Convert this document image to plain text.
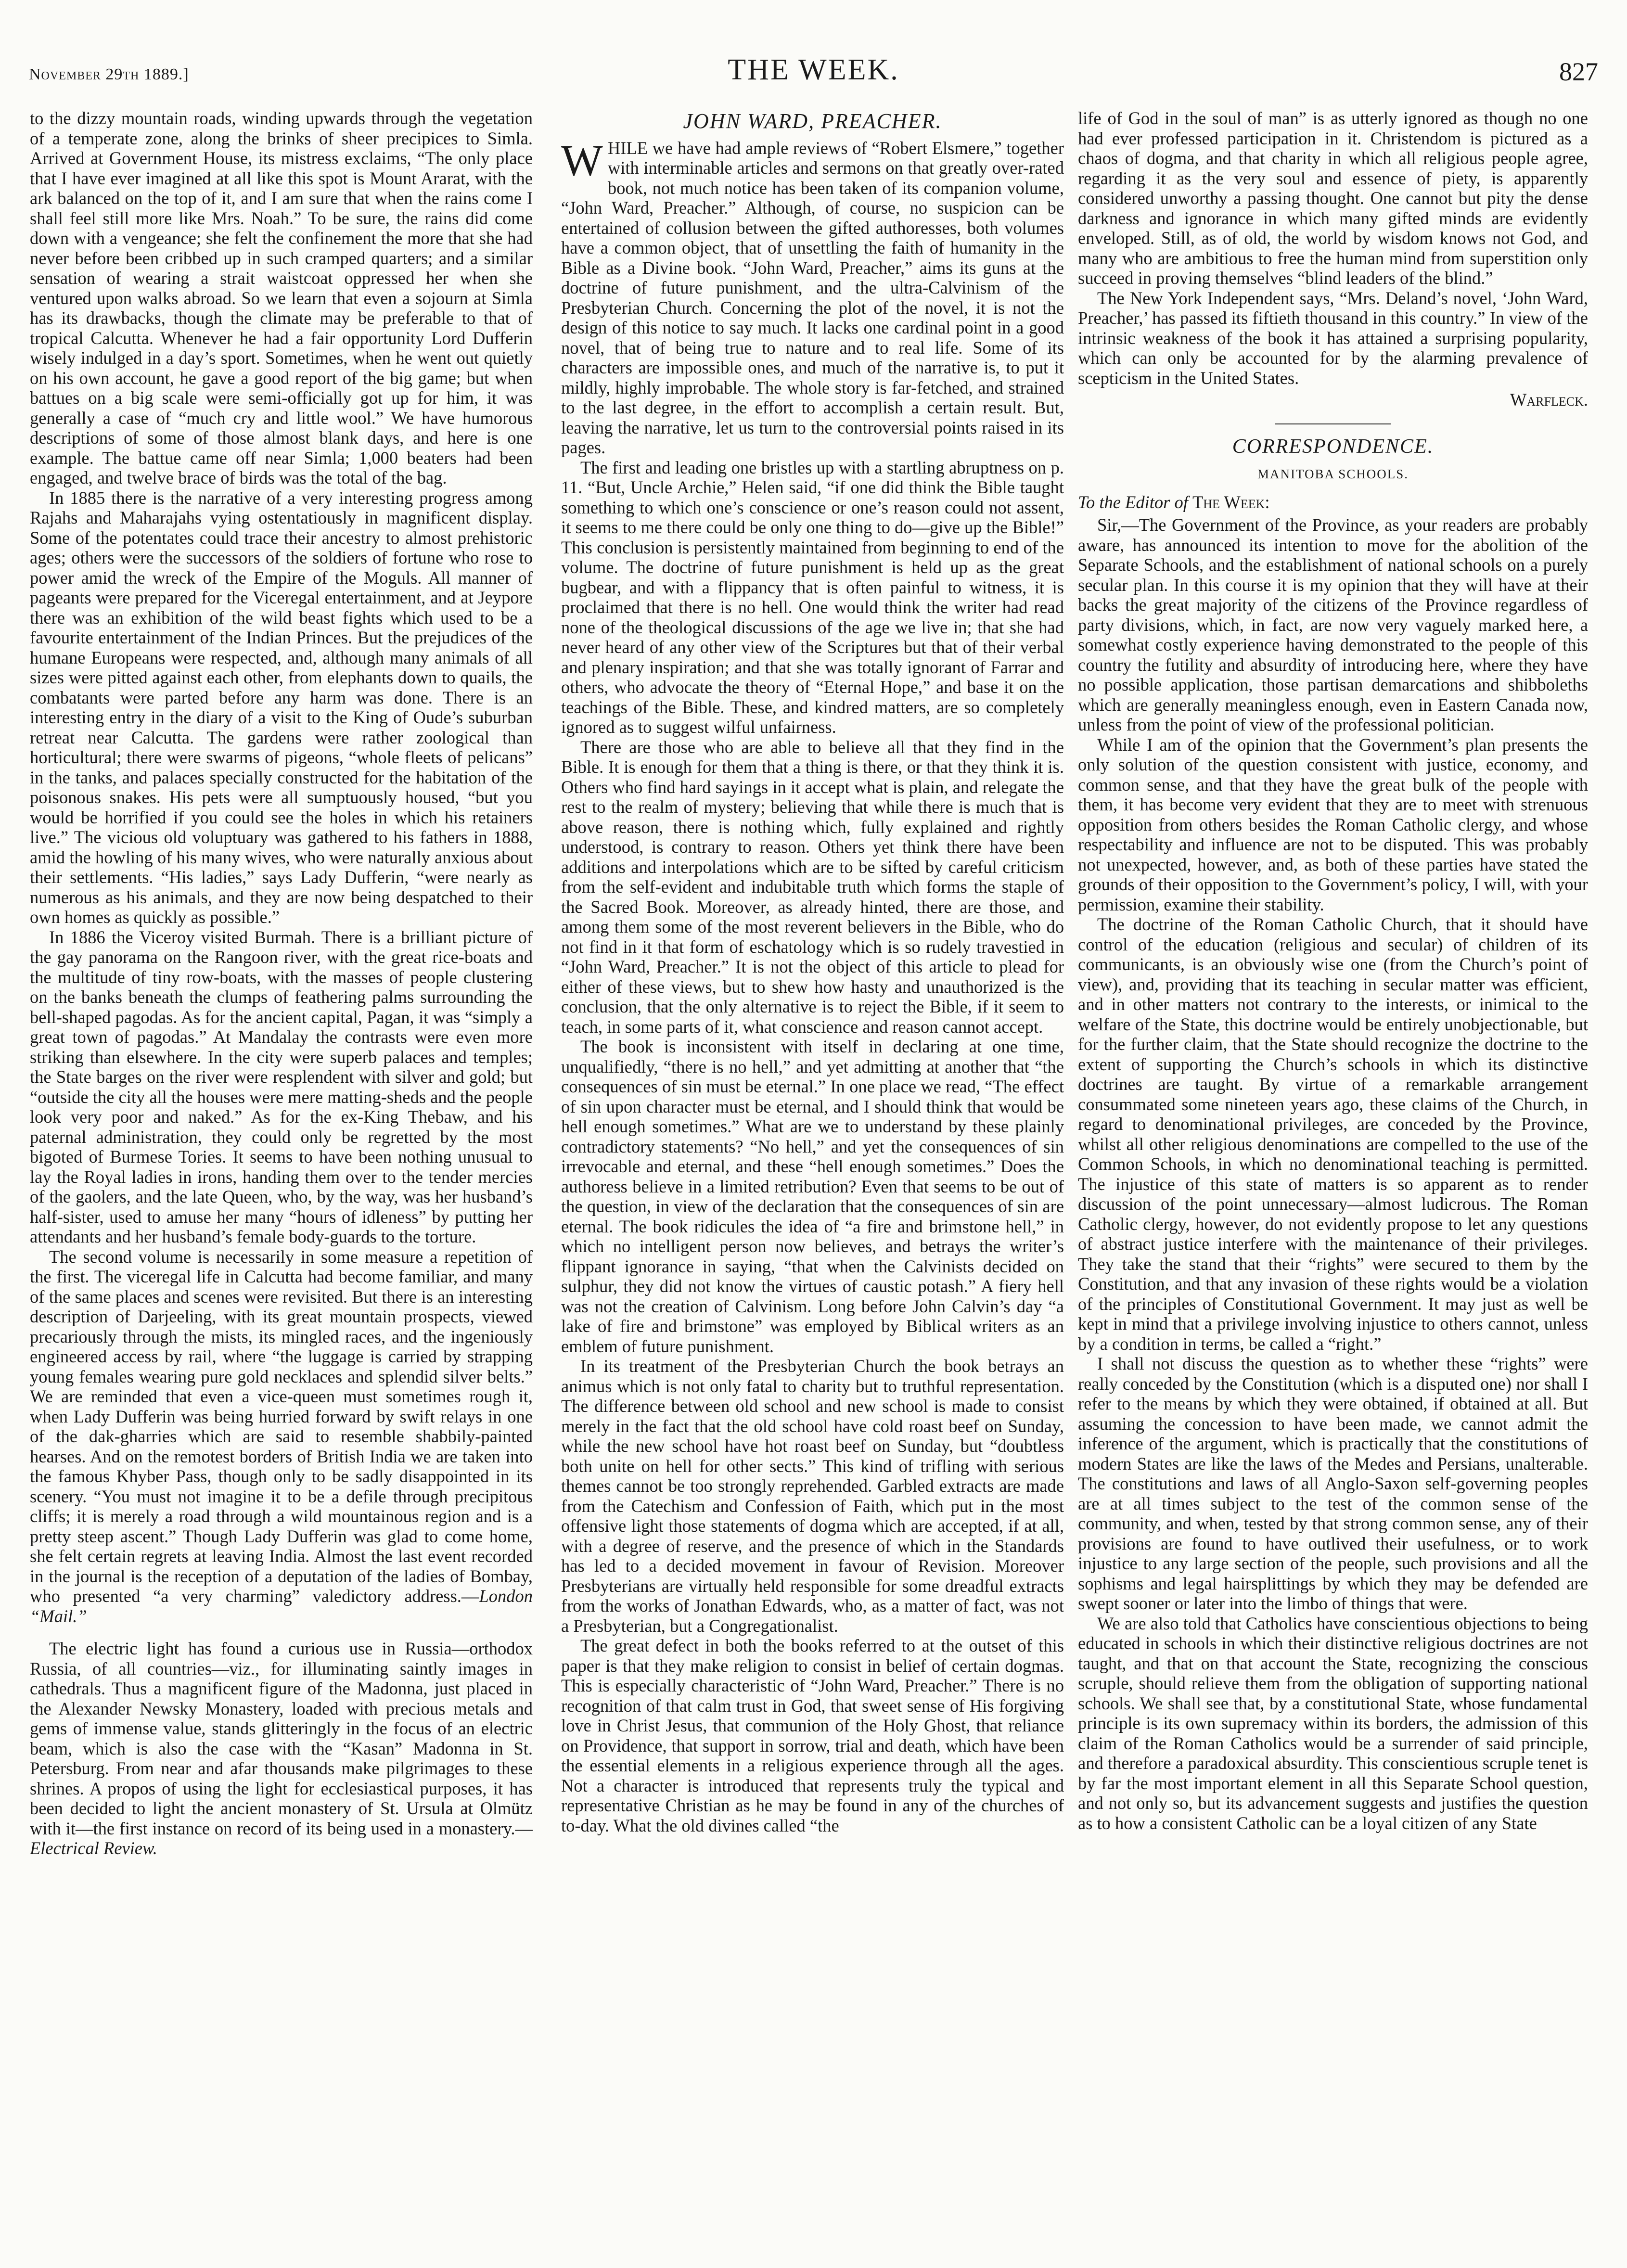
November 29th 1889.]	THE WEEK.	827

to the dizzy mountain roads, winding upwards through the vegetation of a temperate zone, along the brinks of sheer precipices to Simla. Arrived at Government House, its mistress exclaims, “The only place that I have ever imagined at all like this spot is Mount Ararat, with the ark balanced on the top of it, and I am sure that when the rains come I shall feel still more like Mrs. Noah.” To be sure, the rains did come down with a vengeance; she felt the confinement the more that she had never before been cribbed up in such cramped quarters; and a similar sensation of wearing a strait waistcoat oppressed her when she ventured upon walks abroad. So we learn that even a sojourn at Simla has its drawbacks, though the climate may be preferable to that of tropical Calcutta. Whenever he had a fair opportunity Lord Dufferin wisely indulged in a day’s sport. Sometimes, when he went out quietly on his own account, he gave a good report of the big game; but when battues on a big scale were semi-officially got up for him, it was generally a case of “much cry and little wool.” We have humorous descriptions of some of those almost blank days, and here is one example. The battue came off near Simla; 1,000 beaters had been engaged, and twelve brace of birds was the total of the bag.

In 1885 there is the narrative of a very interesting progress among Rajahs and Maharajahs vying ostentatiously in magnificent display. Some of the potentates could trace their ancestry to almost prehistoric ages; others were the successors of the soldiers of fortune who rose to power amid the wreck of the Empire of the Moguls. All manner of pageants were prepared for the Viceregal entertainment, and at Jeypore there was an exhibition of the wild beast fights which used to be a favourite entertainment of the Indian Princes. But the prejudices of the humane Europeans were respected, and, although many animals of all sizes were pitted against each other, from elephants down to quails, the combatants were parted before any harm was done. There is an interesting entry in the diary of a visit to the King of Oude’s suburban retreat near Calcutta. The gardens were rather zoological than horticultural; there were swarms of pigeons, “whole fleets of pelicans” in the tanks, and palaces specially constructed for the habitation of the poisonous snakes. His pets were all sumptuously housed, “but you would be horrified if you could see the holes in which his retainers live.” The vicious old voluptuary was gathered to his fathers in 1888, amid the howling of his many wives, who were naturally anxious about their settlements. “His ladies,” says Lady Dufferin, “were nearly as numerous as his animals, and they are now being despatched to their own homes as quickly as possible.”

In 1886 the Viceroy visited Burmah. There is a brilliant picture of the gay panorama on the Rangoon river, with the great rice-boats and the multitude of tiny row-boats, with the masses of people clustering on the banks beneath the clumps of feathering palms surrounding the bell-shaped pagodas. As for the ancient capital, Pagan, it was “simply a great town of pagodas.” At Mandalay the contrasts were even more striking than elsewhere. In the city were superb palaces and temples; the State barges on the river were resplendent with silver and gold; but “outside the city all the houses were mere matting-sheds and the people look very poor and naked.” As for the ex-King Thebaw, and his paternal administration, they could only be regretted by the most bigoted of Burmese Tories. It seems to have been nothing unusual to lay the Royal ladies in irons, handing them over to the tender mercies of the gaolers, and the late Queen, who, by the way, was her husband’s half-sister, used to amuse her many “hours of idleness” by putting her attendants and her husband’s female body-guards to the torture.

The second volume is necessarily in some measure a repetition of the first. The viceregal life in Calcutta had become familiar, and many of the same places and scenes were revisited. But there is an interesting description of Darjeeling, with its great mountain prospects, viewed precariously through the mists, its mingled races, and the ingeniously engineered access by rail, where “the luggage is carried by strapping young females wearing pure gold necklaces and splendid silver belts.” We are reminded that even a vice-queen must sometimes rough it, when Lady Dufferin was being hurried forward by swift relays in one of the dak-gharries which are said to resemble shabbily-painted hearses. And on the remotest borders of British India we are taken into the famous Khyber Pass, though only to be sadly disappointed in its scenery. “You must not imagine it to be a defile through precipitous cliffs; it is merely a road through a wild mountainous region and is a pretty steep ascent.” Though Lady Dufferin was glad to come home, she felt certain regrets at leaving India. Almost the last event recorded in the journal is the reception of a deputation of the ladies of Bombay, who presented “a very charming” valedictory address.—London “Mail.”

The electric light has found a curious use in Russia—orthodox Russia, of all countries—viz., for illuminating saintly images in cathedrals. Thus a magnificent figure of the Madonna, just placed in the Alexander Newsky Monastery, loaded with precious metals and gems of immense value, stands glitteringly in the focus of an electric beam, which is also the case with the “Kasan” Madonna in St. Petersburg. From near and afar thousands make pilgrimages to these shrines. A propos of using the light for ecclesiastical purposes, it has been decided to light the ancient monastery of St. Ursula at Olmütz with it—the first instance on record of its being used in a monastery.—Electrical Review.

JOHN WARD, PREACHER.

WHILE we have had ample reviews of “Robert Elsmere,” together with interminable articles and sermons on that greatly over-rated book, not much notice has been taken of its companion volume, “John Ward, Preacher.” Although, of course, no suspicion can be entertained of collusion between the gifted authoresses, both volumes have a common object, that of unsettling the faith of humanity in the Bible as a Divine book. “John Ward, Preacher,” aims its guns at the doctrine of future punishment, and the ultra-Calvinism of the Presbyterian Church. Concerning the plot of the novel, it is not the design of this notice to say much. It lacks one cardinal point in a good novel, that of being true to nature and to real life. Some of its characters are impossible ones, and much of the narrative is, to put it mildly, highly improbable. The whole story is far-fetched, and strained to the last degree, in the effort to accomplish a certain result. But, leaving the narrative, let us turn to the controversial points raised in its pages.

The first and leading one bristles up with a startling abruptness on p. 11. “But, Uncle Archie,” Helen said, “if one did think the Bible taught something to which one’s conscience or one’s reason could not assent, it seems to me there could be only one thing to do—give up the Bible!” This conclusion is persistently maintained from beginning to end of the volume. The doctrine of future punishment is held up as the great bugbear, and with a flippancy that is often painful to witness, it is proclaimed that there is no hell. One would think the writer had read none of the theological discussions of the age we live in; that she had never heard of any other view of the Scriptures but that of their verbal and plenary inspiration; and that she was totally ignorant of Farrar and others, who advocate the theory of “Eternal Hope,” and base it on the teachings of the Bible. These, and kindred matters, are so completely ignored as to suggest wilful unfairness.

There are those who are able to believe all that they find in the Bible. It is enough for them that a thing is there, or that they think it is. Others who find hard sayings in it accept what is plain, and relegate the rest to the realm of mystery; believing that while there is much that is above reason, there is nothing which, fully explained and rightly understood, is contrary to reason. Others yet think there have been additions and interpolations which are to be sifted by careful criticism from the self-evident and indubitable truth which forms the staple of the Sacred Book. Moreover, as already hinted, there are those, and among them some of the most reverent believers in the Bible, who do not find in it that form of eschatology which is so rudely travestied in “John Ward, Preacher.” It is not the object of this article to plead for either of these views, but to shew how hasty and unauthorized is the conclusion, that the only alternative is to reject the Bible, if it seem to teach, in some parts of it, what conscience and reason cannot accept.

The book is inconsistent with itself in declaring at one time, unqualifiedly, “there is no hell,” and yet admitting at another that “the consequences of sin must be eternal.” In one place we read, “The effect of sin upon character must be eternal, and I should think that would be hell enough sometimes.” What are we to understand by these plainly contradictory statements? “No hell,” and yet the consequences of sin irrevocable and eternal, and these “hell enough sometimes.” Does the authoress believe in a limited retribution? Even that seems to be out of the question, in view of the declaration that the consequences of sin are eternal. The book ridicules the idea of “a fire and brimstone hell,” in which no intelligent person now believes, and betrays the writer’s flippant ignorance in saying, “that when the Calvinists decided on sulphur, they did not know the virtues of caustic potash.” A fiery hell was not the creation of Calvinism. Long before John Calvin’s day “a lake of fire and brimstone” was employed by Biblical writers as an emblem of future punishment.

In its treatment of the Presbyterian Church the book betrays an animus which is not only fatal to charity but to truthful representation. The difference between old school and new school is made to consist merely in the fact that the old school have cold roast beef on Sunday, while the new school have hot roast beef on Sunday, but “doubtless both unite on hell for other sects.” This kind of trifling with serious themes cannot be too strongly reprehended. Garbled extracts are made from the Catechism and Confession of Faith, which put in the most offensive light those statements of dogma which are accepted, if at all, with a degree of reserve, and the presence of which in the Standards has led to a decided movement in favour of Revision. Moreover Presbyterians are virtually held responsible for some dreadful extracts from the works of Jonathan Edwards, who, as a matter of fact, was not a Presbyterian, but a Congregationalist.

The great defect in both the books referred to at the outset of this paper is that they make religion to consist in belief of certain dogmas. This is especially characteristic of “John Ward, Preacher.” There is no recognition of that calm trust in God, that sweet sense of His forgiving love in Christ Jesus, that communion of the Holy Ghost, that reliance on Providence, that support in sorrow, trial and death, which have been the essential elements in a religious experience through all the ages. Not a character is introduced that represents truly the typical and representative Christian as he may be found in any of the churches of to-day. What the old divines called “the

life of God in the soul of man” is as utterly ignored as though no one had ever professed participation in it. Christendom is pictured as a chaos of dogma, and that charity in which all religious people agree, regarding it as the very soul and essence of piety, is apparently considered unworthy a passing thought. One cannot but pity the dense darkness and ignorance in which many gifted minds are evidently enveloped. Still, as of old, the world by wisdom knows not God, and many who are ambitious to free the human mind from superstition only succeed in proving themselves “blind leaders of the blind.”

The New York Independent says, “Mrs. Deland’s novel, ‘John Ward, Preacher,’ has passed its fiftieth thousand in this country.” In view of the intrinsic weakness of the book it has attained a surprising popularity, which can only be accounted for by the alarming prevalence of scepticism in the United States.

Warfleck.
CORRESPONDENCE.
MANITOBA SCHOOLS.
To the Editor of The Week:

Sir,—The Government of the Province, as your readers are probably aware, has announced its intention to move for the abolition of the Separate Schools, and the establishment of national schools on a purely secular plan. In this course it is my opinion that they will have at their backs the great majority of the citizens of the Province regardless of party divisions, which, in fact, are now very vaguely marked here, a somewhat costly experience having demonstrated to the people of this country the futility and absurdity of introducing here, where they have no possible application, those partisan demarcations and shibboleths which are generally meaningless enough, even in Eastern Canada now, unless from the point of view of the professional politician.

While I am of the opinion that the Government’s plan presents the only solution of the question consistent with justice, economy, and common sense, and that they have the great bulk of the people with them, it has become very evident that they are to meet with strenuous opposition from others besides the Roman Catholic clergy, and whose respectability and influence are not to be disputed. This was probably not unexpected, however, and, as both of these parties have stated the grounds of their opposition to the Government’s policy, I will, with your permission, examine their stability.

The doctrine of the Roman Catholic Church, that it should have control of the education (religious and secular) of children of its communicants, is an obviously wise one (from the Church’s point of view), and, providing that its teaching in secular matter was efficient, and in other matters not contrary to the interests, or inimical to the welfare of the State, this doctrine would be entirely unobjectionable, but for the further claim, that the State should recognize the doctrine to the extent of supporting the Church’s schools in which its distinctive doctrines are taught. By virtue of a remarkable arrangement consummated some nineteen years ago, these claims of the Church, in regard to denominational privileges, are conceded by the Province, whilst all other religious denominations are compelled to the use of the Common Schools, in which no denominational teaching is permitted. The injustice of this state of matters is so apparent as to render discussion of the point unnecessary—almost ludicrous. The Roman Catholic clergy, however, do not evidently propose to let any questions of abstract justice interfere with the maintenance of their privileges. They take the stand that their “rights” were secured to them by the Constitution, and that any invasion of these rights would be a violation of the principles of Constitutional Government. It may just as well be kept in mind that a privilege involving injustice to others cannot, unless by a condition in terms, be called a “right.”

I shall not discuss the question as to whether these “rights” were really conceded by the Constitution (which is a disputed one) nor shall I refer to the means by which they were obtained, if obtained at all. But assuming the concession to have been made, we cannot admit the inference of the argument, which is practically that the constitutions of modern States are like the laws of the Medes and Persians, unalterable. The constitutions and laws of all Anglo-Saxon self-governing peoples are at all times subject to the test of the common sense of the community, and when, tested by that strong common sense, any of their provisions are found to have outlived their usefulness, or to work injustice to any large section of the people, such provisions and all the sophisms and legal hairsplittings by which they may be defended are swept sooner or later into the limbo of things that were.

We are also told that Catholics have conscientious objections to being educated in schools in which their distinctive religious doctrines are not taught, and that on that account the State, recognizing the conscious scruple, should relieve them from the obligation of supporting national schools. We shall see that, by a constitutional State, whose fundamental principle is its own supremacy within its borders, the admission of this claim of the Roman Catholics would be a surrender of said principle, and therefore a paradoxical absurdity. This conscientious scruple tenet is by far the most important element in all this Separate School question, and not only so, but its advancement suggests and justifies the question as to how a consistent Catholic can be a loyal citizen of any State
